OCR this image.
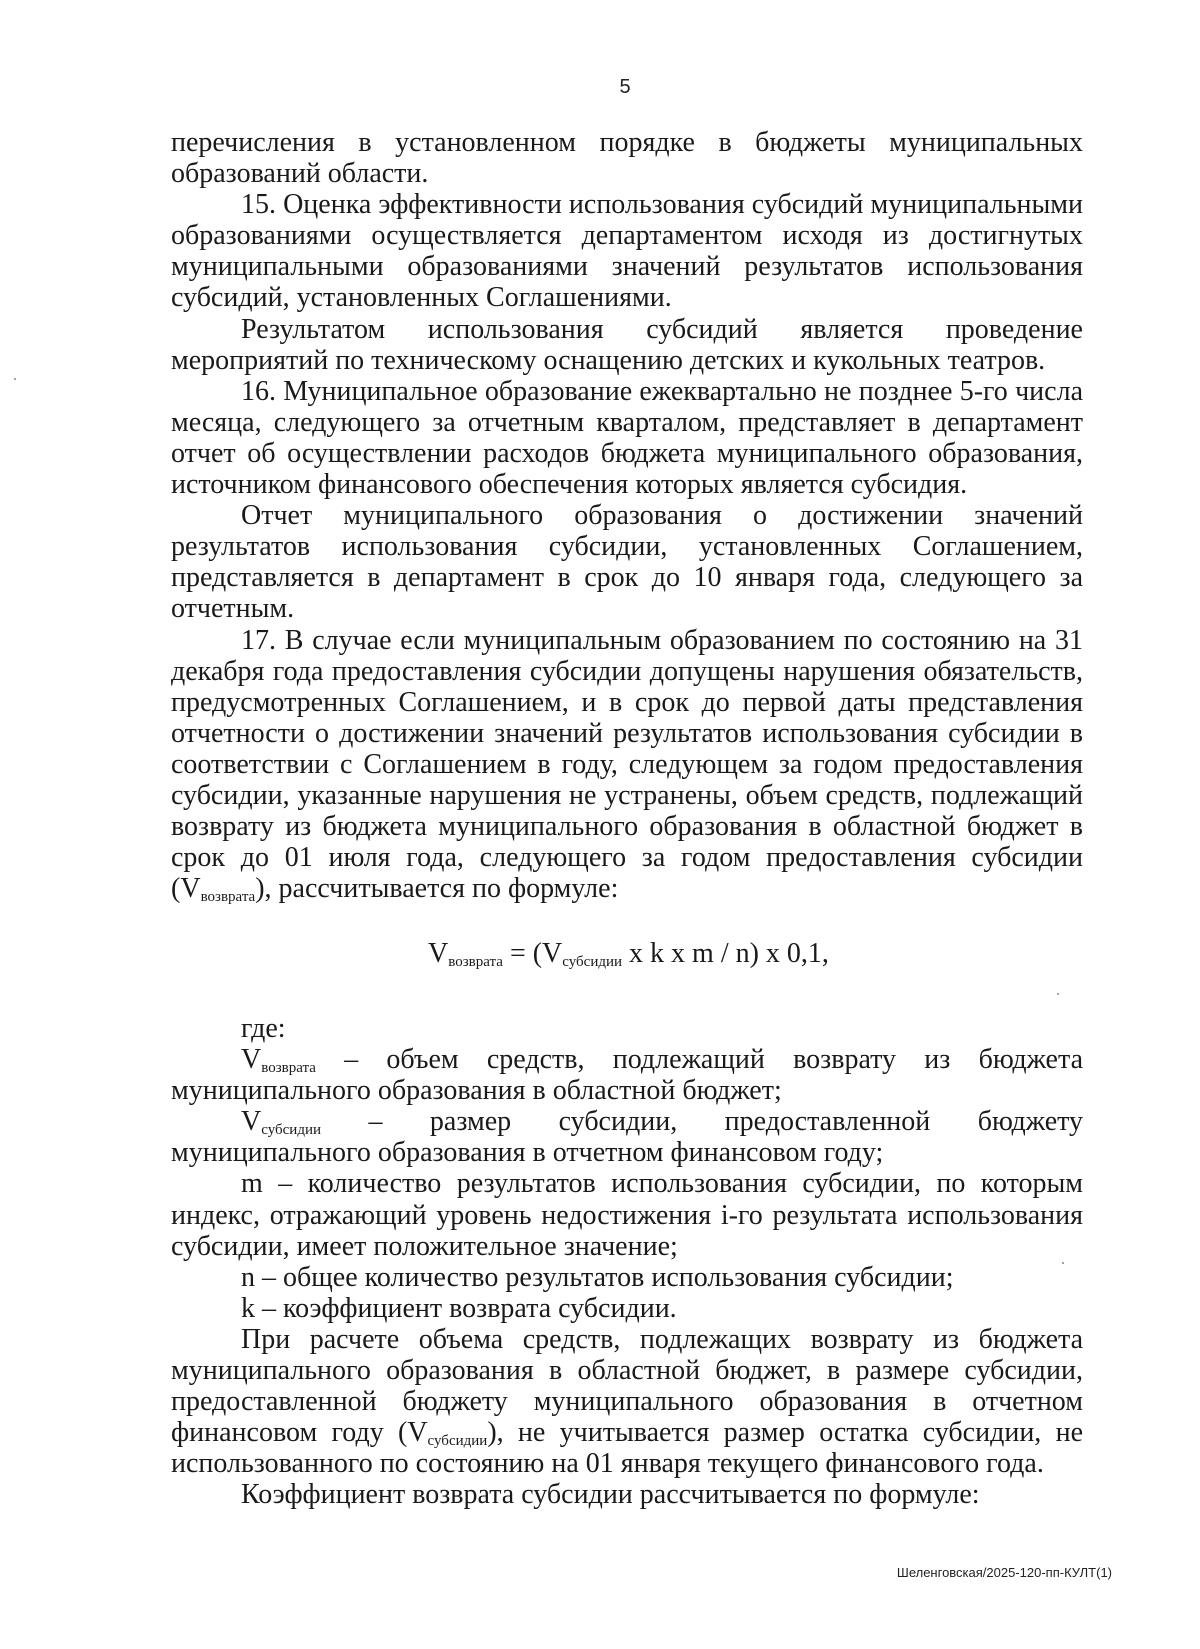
5

перечисления в установленном порядке в бюджеты муниципальных образований области.

15. Оценка эффективности использования субсидий муниципальными образованиями осуществляется департаментом исходя из достигнутых муниципальными образованиями значений результатов использования субсидий, установленных Соглашениями.

Результатом использования субсидий является проведение мероприятий по техническому оснащению детских и кукольных театров.

16. Муниципальное образование ежеквартально не позднее 5-го числа месяца, следующего за отчетным кварталом, представляет в департамент отчет об осуществлении расходов бюджета муниципального образования, источником финансового обеспечения которых является субсидия.

Отчет муниципального образования о достижении значений результатов использования субсидии, установленных Соглашением, представляется в департамент в срок до 10 января года, следующего за отчетным.

17. В случае если муниципальным образованием по состоянию на 31 декабря года предоставления субсидии допущены нарушения обязательств, предусмотренных Соглашением, и в срок до первой даты представления отчетности о достижении значений результатов использования субсидии в соответствии с Соглашением в году, следующем за годом предоставления субсидии, указанные нарушения не устранены, объем средств, подлежащий возврату из бюджета муниципального образования в областной бюджет в срок до 01 июля года, следующего за годом предоставления субсидии $(V_{возврата})$, рассчитывается по формуле:

$V_{возврата} = (V_{субсидии}$ x k x m / n) x 0,1,

где:

$V_{возврата}$ – объем средств, подлежащий возврату из бюджета муниципального образования в областной бюджет;

$V_{субсидии}$ – размер субсидии, предоставленной бюджету муниципального образования в отчетном финансовом году;

m – количество результатов использования субсидии, по которым индекс, отражающий уровень недостижения i-го результата использования субсидии, имеет положительное значение;

n – общее количество результатов использования субсидии;

k – коэффициент возврата субсидии.

При расчете объема средств, подлежащих возврату из бюджета муниципального образования в областной бюджет, в размере субсидии, предоставленной бюджету муниципального образования в отчетном финансовом году $(V_{субсидии})$, не учитывается размер остатка субсидии, не использованного по состоянию на 01 января текущего финансового года.

Коэффициент возврата субсидии рассчитывается по формуле:

Шеленговская/2025-120-пп-КУЛТ(1)
